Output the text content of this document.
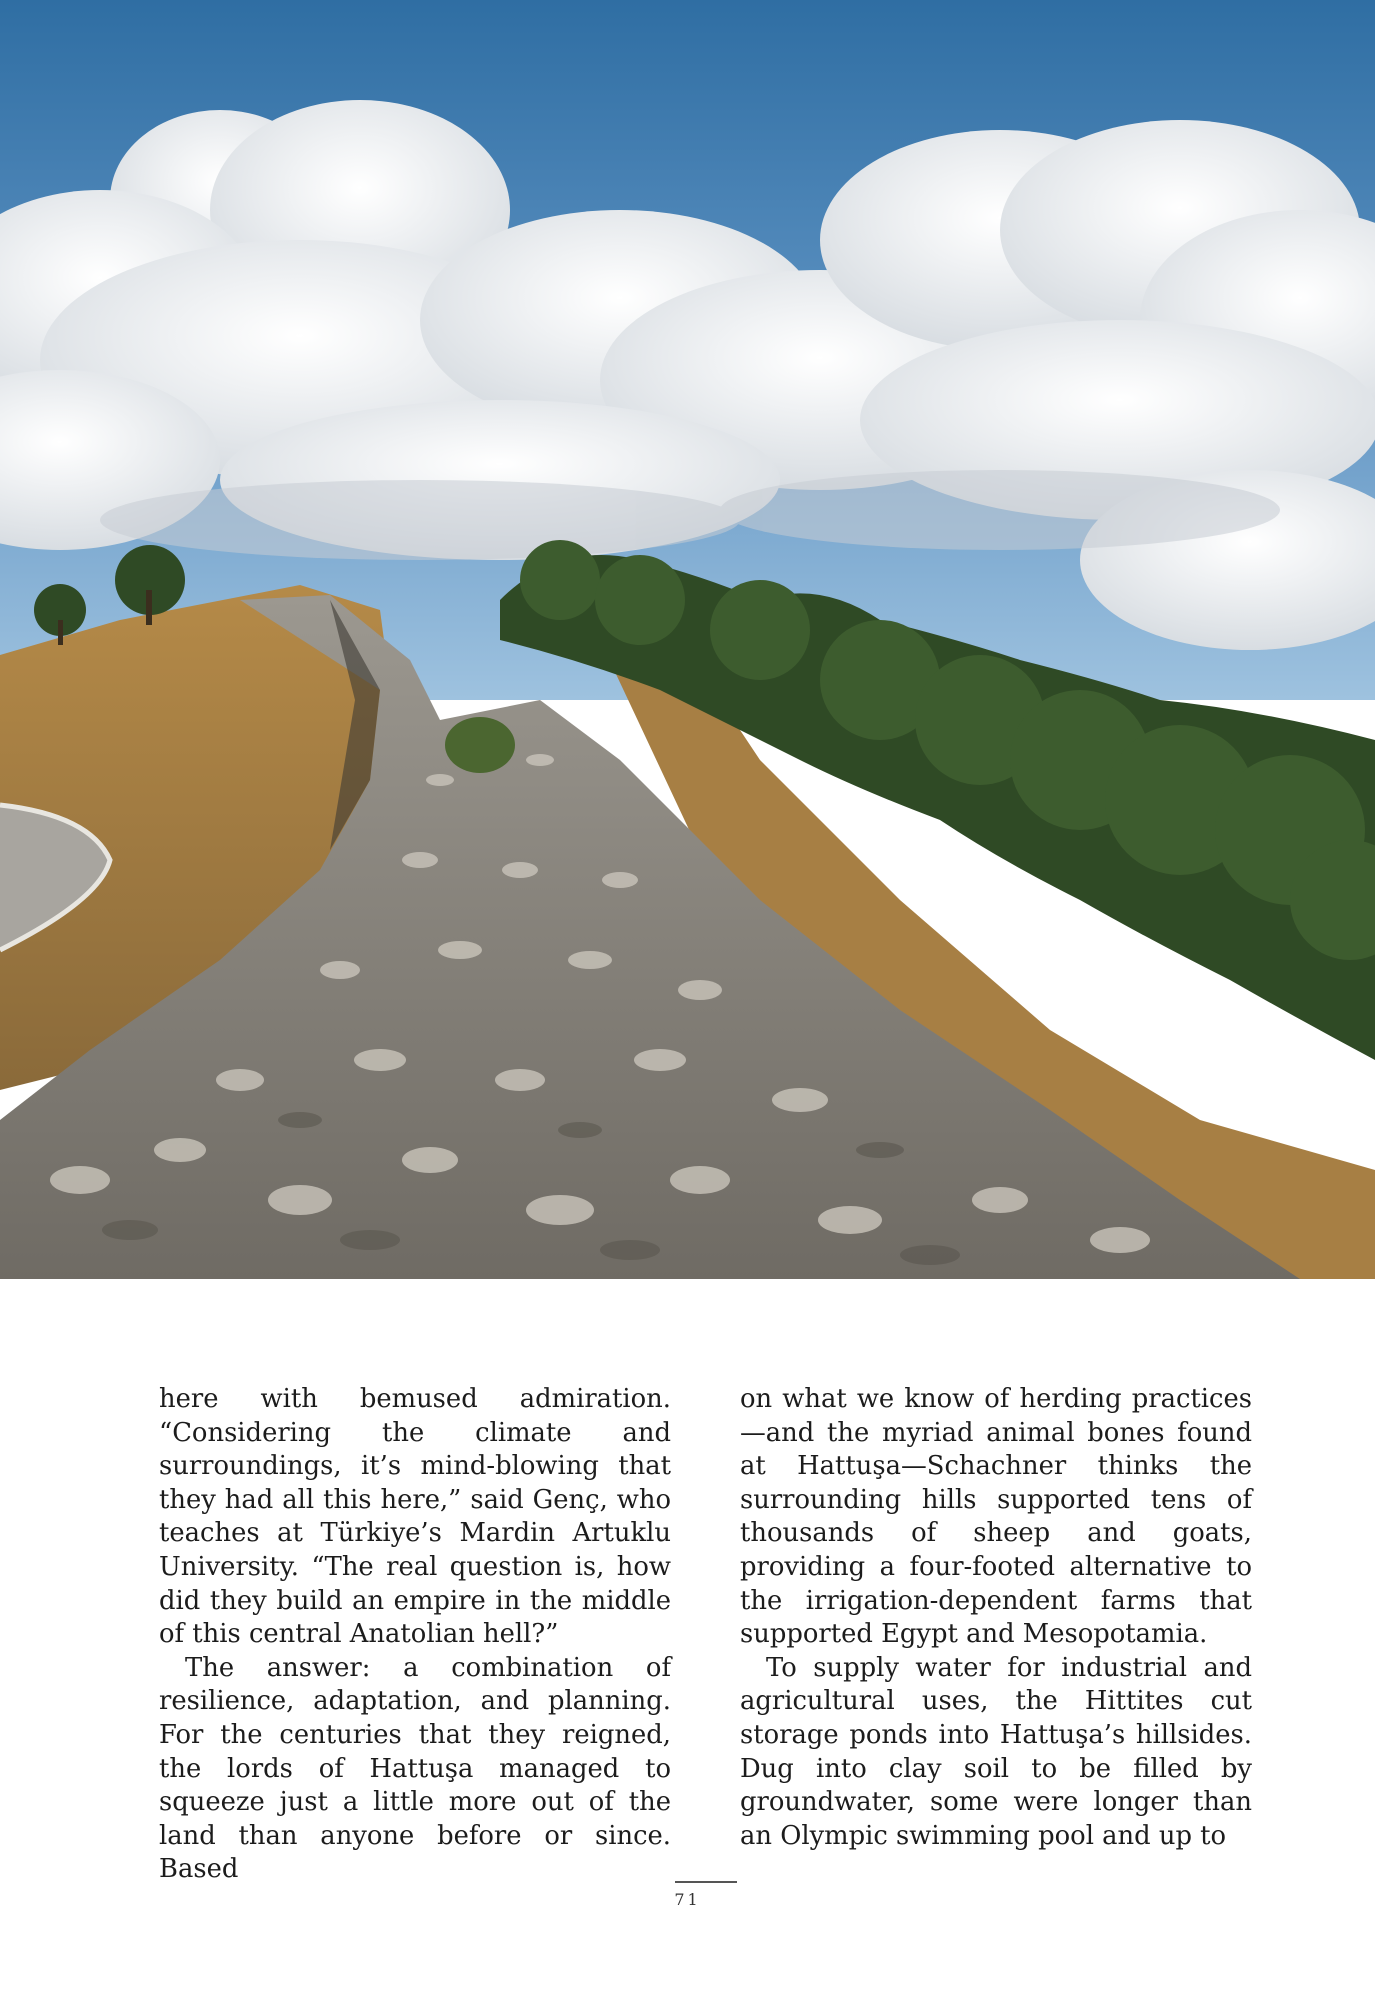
here with bemused admiration. “Considering the climate and surroundings, it’s mind-blowing that they had all this here,” said Genç, who teaches at Türkiye’s Mardin Artuklu University. “The real question is, how did they build an empire in the middle of this central Anatolian hell?”

The answer: a combination of resilience, adaptation, and planning. For the centuries that they reigned, the lords of Hattuşa managed to squeeze just a little more out of the land than anyone before or since. Based

on what we know of herding practices—and the myriad animal bones found at Hattuşa—Schachner thinks the surrounding hills supported tens of thousands of sheep and goats, providing a four-footed alternative to the irrigation-dependent farms that supported Egypt and Mesopotamia.

To supply water for industrial and agricultural uses, the Hittites cut storage ponds into Hattuşa’s hillsides. Dug into clay soil to be filled by groundwater, some were longer than an Olympic swimming pool and up to

71
